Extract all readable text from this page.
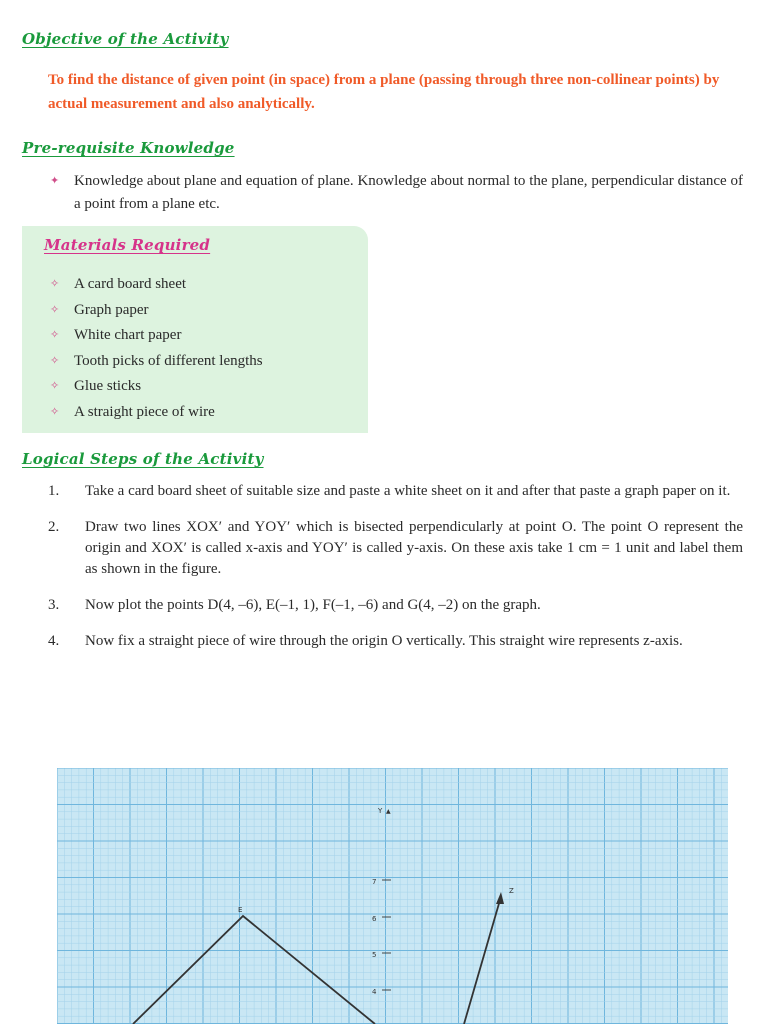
Objective of the Activity
To find the distance of given point (in space) from a plane (passing through three non-collinear points) by actual measurement and also analytically.
Pre-requisite Knowledge
✦ Knowledge about plane and equation of plane. Knowledge about normal to the plane, perpendicular distance of a point from a plane etc.
Materials Required
✧ A card board sheet
✧ Graph paper
✧ White chart paper
✧ Tooth picks of different lengths
✧ Glue sticks
✧ A straight piece of wire
Logical Steps of the Activity
1. Take a card board sheet of suitable size and paste a white sheet on it and after that paste a graph paper on it.
2. Draw two lines XOX′ and YOY′ which is bisected perpendicularly at point O. The point O represent the origin and XOX′ is called x-axis and YOY′ is called y-axis. On these axis take 1 cm = 1 unit and label them as shown in the figure.
3. Now plot the points D(4, –6), E(–1, 1), F(–1, –6) and G(4, –2) on the graph.
4. Now fix a straight piece of wire through the origin O vertically. This straight wire represents z-axis.
Y ▲
7
6
5
4
E
Z
